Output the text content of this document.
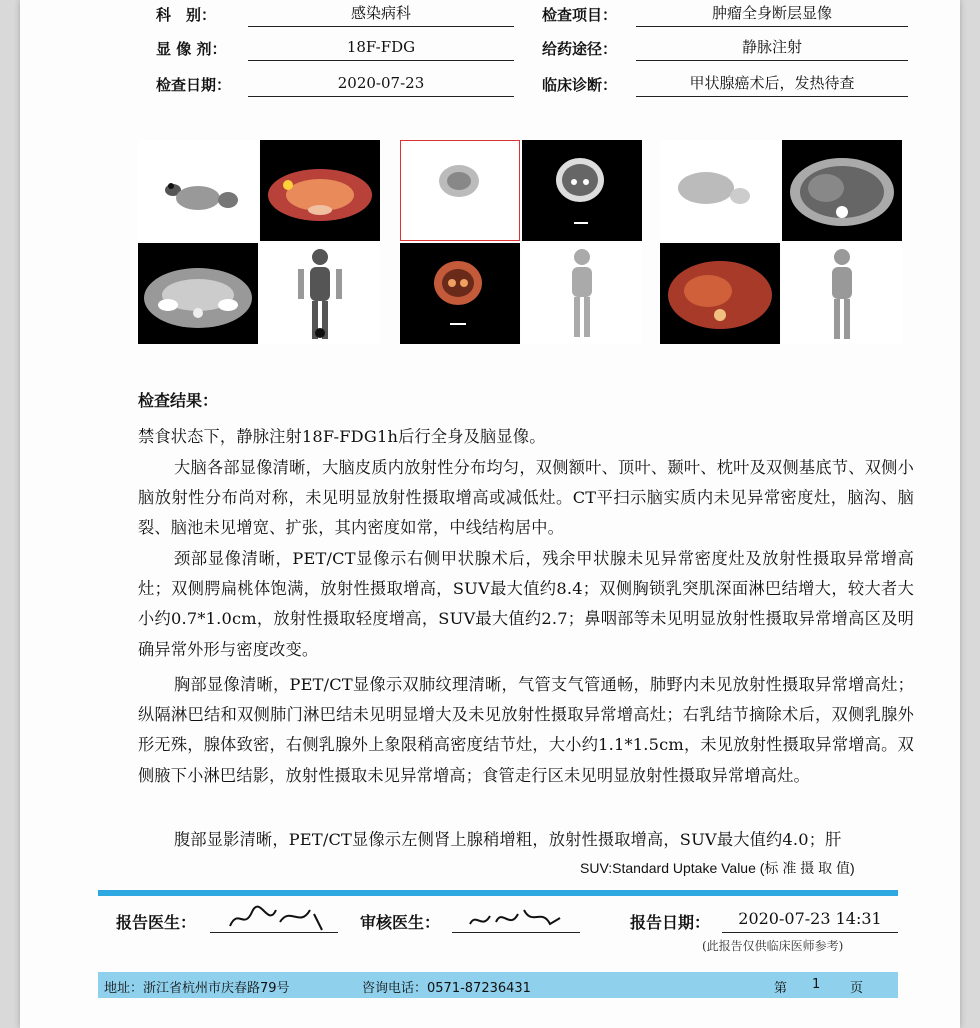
科　别：	感染病科	检查项目：	肿瘤全身断层显像
显 像 剂：	18F-FDG	给药途径：	静脉注射
检查日期：	2020-07-23	临床诊断：	甲状腺癌术后，发热待查
检查结果：
禁食状态下，静脉注射18F-FDG1h后行全身及脑显像。
大脑各部显像清晰，大脑皮质内放射性分布均匀，双侧额叶、顶叶、颞叶、枕叶及双侧基底节、双侧小脑放射性分布尚对称，未见明显放射性摄取增高或减低灶。CT平扫示脑实质内未见异常密度灶，脑沟、脑裂、脑池未见增宽、扩张，其内密度如常，中线结构居中。
颈部显像清晰，PET/CT显像示右侧甲状腺术后，残余甲状腺未见异常密度灶及放射性摄取异常增高灶；双侧腭扁桃体饱满，放射性摄取增高，SUV最大值约8.4；双侧胸锁乳突肌深面淋巴结增大，较大者大小约0.7*1.0cm，放射性摄取轻度增高，SUV最大值约2.7；鼻咽部等未见明显放射性摄取异常增高区及明确异常外形与密度改变。
胸部显像清晰，PET/CT显像示双肺纹理清晰，气管支气管通畅，肺野内未见放射性摄取异常增高灶；纵隔淋巴结和双侧肺门淋巴结未见明显增大及未见放射性摄取异常增高灶；右乳结节摘除术后，双侧乳腺外形无殊，腺体致密，右侧乳腺外上象限稍高密度结节灶，大小约1.1*1.5cm，未见放射性摄取异常增高。双侧腋下小淋巴结影，放射性摄取未见异常增高；食管走行区未见明显放射性摄取异常增高灶。
腹部显影清晰，PET/CT显像示左侧肾上腺稍增粗，放射性摄取增高，SUV最大值约4.0；肝
SUV:Standard Uptake Value (标 准 摄 取 值)
报告医生：	审核医生：	报告日期：	2020-07-23 14:31
(此报告仅供临床医师参考)
地址：浙江省杭州市庆春路79号	咨询电话：0571-87236431	第 1 页
